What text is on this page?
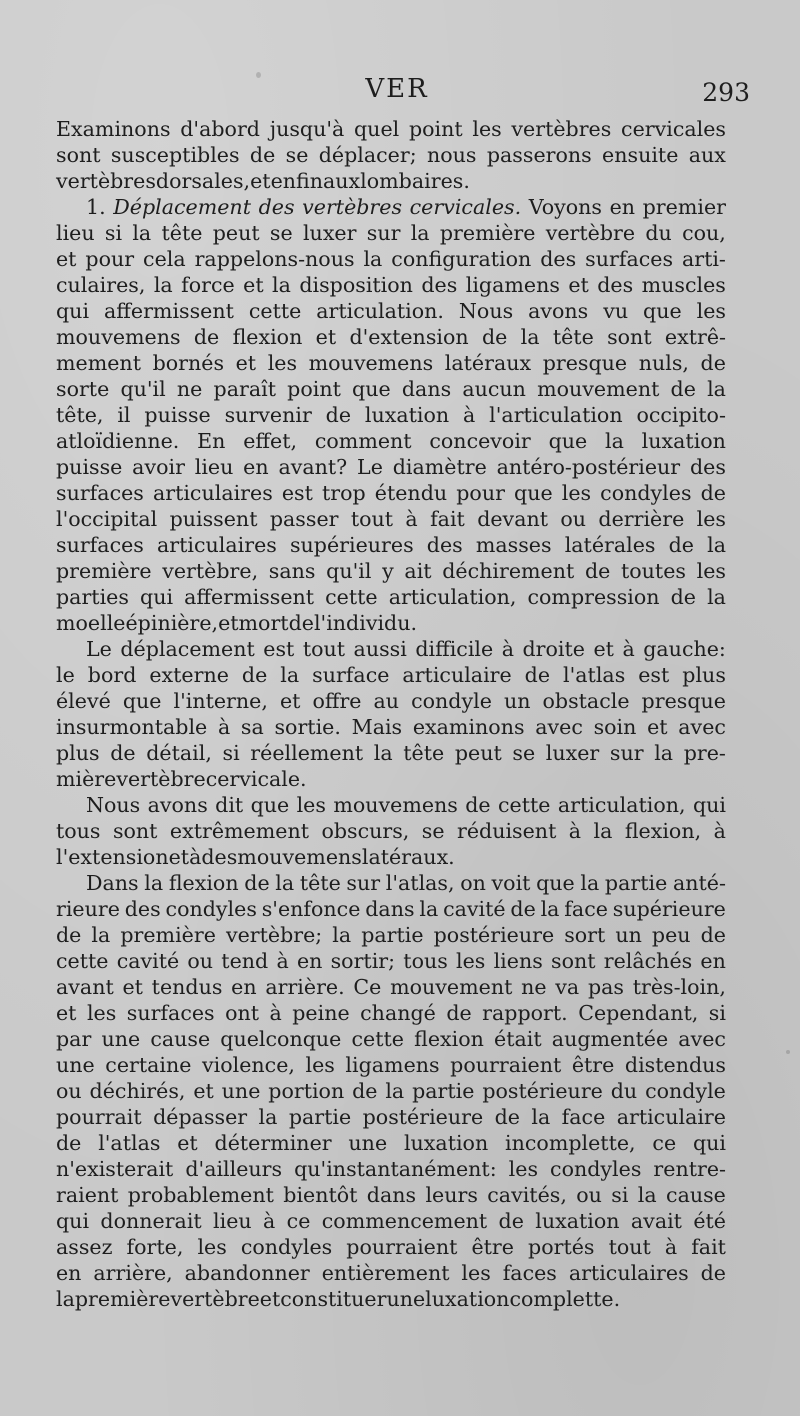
VER	293
Examinons d'abord jusqu'à quel point les vertèbres cervicales
sont susceptibles de se déplacer; nous passerons ensuite aux
vertèbres dorsales, et enfin aux lombaires.
1. Déplacement des vertèbres cervicales. Voyons en premier
lieu si la tête peut se luxer sur la première vertèbre du cou,
et pour cela rappelons-nous la configuration des surfaces arti-
culaires, la force et la disposition des ligamens et des muscles
qui affermissent cette articulation. Nous avons vu que les
mouvemens de flexion et d'extension de la tête sont extrê-
mement bornés et les mouvemens latéraux presque nuls, de
sorte qu'il ne paraît point que dans aucun mouvement de la
tête, il puisse survenir de luxation à l'articulation occipito-
atloïdienne. En effet, comment concevoir que la luxation
puisse avoir lieu en avant? Le diamètre antéro-postérieur des
surfaces articulaires est trop étendu pour que les condyles de
l'occipital puissent passer tout à fait devant ou derrière les
surfaces articulaires supérieures des masses latérales de la
première vertèbre, sans qu'il y ait déchirement de toutes les
parties qui affermissent cette articulation, compression de la
moelle épinière, et mort de l'individu.
Le déplacement est tout aussi difficile à droite et à gauche:
le bord externe de la surface articulaire de l'atlas est plus
élevé que l'interne, et offre au condyle un obstacle presque
insurmontable à sa sortie. Mais examinons avec soin et avec
plus de détail, si réellement la tête peut se luxer sur la pre-
mière vertèbre cervicale.
Nous avons dit que les mouvemens de cette articulation, qui
tous sont extrêmement obscurs, se réduisent à la flexion, à
l'extension et à des mouvemens latéraux.
Dans la flexion de la tête sur l'atlas, on voit que la partie anté-
rieure des condyles s'enfonce dans la cavité de la face supérieure
de la première vertèbre; la partie postérieure sort un peu de
cette cavité ou tend à en sortir; tous les liens sont relâchés en
avant et tendus en arrière. Ce mouvement ne va pas très-loin,
et les surfaces ont à peine changé de rapport. Cependant, si
par une cause quelconque cette flexion était augmentée avec
une certaine violence, les ligamens pourraient être distendus
ou déchirés, et une portion de la partie postérieure du condyle
pourrait dépasser la partie postérieure de la face articulaire
de l'atlas et déterminer une luxation incomplette, ce qui
n'existerait d'ailleurs qu'instantanément: les condyles rentre-
raient probablement bientôt dans leurs cavités, ou si la cause
qui donnerait lieu à ce commencement de luxation avait été
assez forte, les condyles pourraient être portés tout à fait
en arrière, abandonner entièrement les faces articulaires de
la première vertèbre et constituer une luxation complette.
